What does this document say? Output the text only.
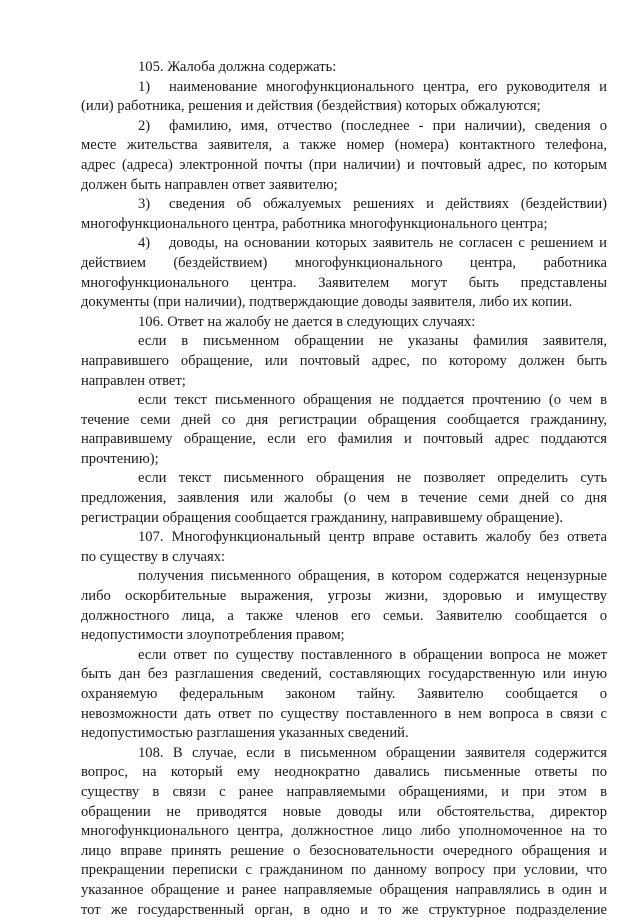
105. Жалоба должна содержать:
1) наименование многофункционального центра, его руководителя и
(или) работника, решения и действия (бездействия) которых обжалуются;
2) фамилию, имя, отчество (последнее - при наличии), сведения о
месте жительства заявителя, а также номер (номера) контактного телефона,
адрес (адреса) электронной почты (при наличии) и почтовый адрес, по которым
должен быть направлен ответ заявителю;
3) сведения об обжалуемых решениях и действиях (бездействии)
многофункционального центра, работника многофункционального центра;
4) доводы, на основании которых заявитель не согласен с решением и
действием (бездействием) многофункционального центра, работника
многофункционального центра. Заявителем могут быть представлены
документы (при наличии), подтверждающие доводы заявителя, либо их копии.
106. Ответ на жалобу не дается в следующих случаях:
если в письменном обращении не указаны фамилия заявителя,
направившего обращение, или почтовый адрес, по которому должен быть
направлен ответ;
если текст письменного обращения не поддается прочтению (о чем в
течение семи дней со дня регистрации обращения сообщается гражданину,
направившему обращение, если его фамилия и почтовый адрес поддаются
прочтению);
если текст письменного обращения не позволяет определить суть
предложения, заявления или жалобы (о чем в течение семи дней со дня
регистрации обращения сообщается гражданину, направившему обращение).
107. Многофункциональный центр вправе оставить жалобу без ответа
по существу в случаях:
получения письменного обращения, в котором содержатся нецензурные
либо оскорбительные выражения, угрозы жизни, здоровью и имуществу
должностного лица, а также членов его семьи. Заявителю сообщается о
недопустимости злоупотребления правом;
если ответ по существу поставленного в обращении вопроса не может
быть дан без разглашения сведений, составляющих государственную или иную
охраняемую федеральным законом тайну. Заявителю сообщается о
невозможности дать ответ по существу поставленного в нем вопроса в связи с
недопустимостью разглашения указанных сведений.
108. В случае, если в письменном обращении заявителя содержится
вопрос, на который ему неоднократно давались письменные ответы по
существу в связи с ранее направляемыми обращениями, и при этом в
обращении не приводятся новые доводы или обстоятельства, директор
многофункционального центра, должностное лицо либо уполномоченное на то
лицо вправе принять решение о безосновательности очередного обращения и
прекращении переписки с гражданином по данному вопросу при условии, что
указанное обращение и ранее направляемые обращения направлялись в один и
тот же государственный орган, в одно и то же структурное подразделение
